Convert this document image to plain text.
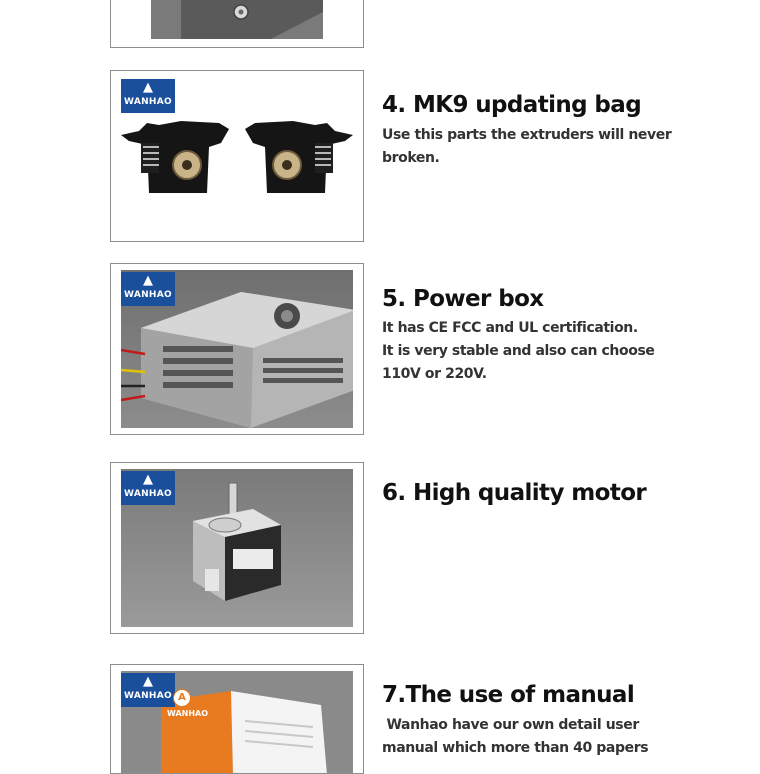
▲
WANHAO	4. MK9 updating bag

Use this parts the extruders will never
broken.

▲
WANHAO	5. Power box

It has CE FCC and UL certification.
It is very stable and also can choose
110V or 220V.

▲
WANHAO	6. High quality motor
▲
WANHAO A
WANHAO
7.The use of manual

Wanhao have our own detail user
manual which more than 40 papers
